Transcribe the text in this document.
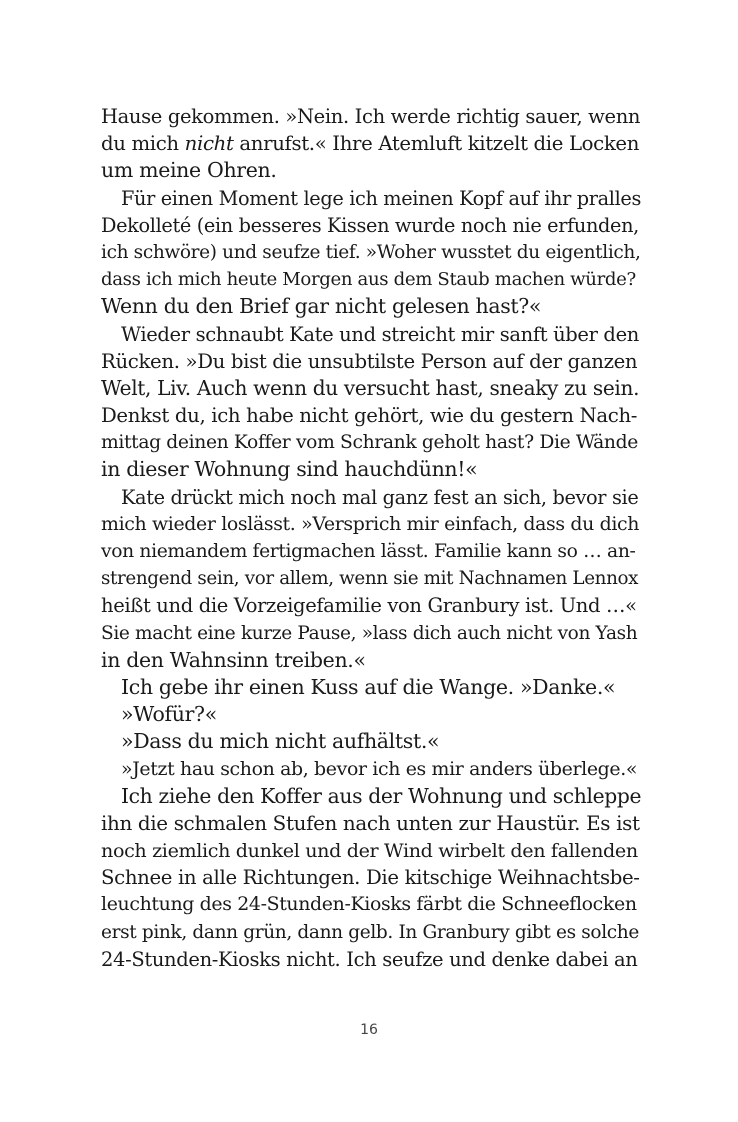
Hause gekommen. »Nein. Ich werde richtig sauer, wenn
du mich nicht anrufst.« Ihre Atemluft kitzelt die Locken
um meine Ohren.
Für einen Moment lege ich meinen Kopf auf ihr pralles
Dekolleté (ein besseres Kissen wurde noch nie erfunden,
ich schwöre) und seufze tief. »Woher wusstet du eigentlich,
dass ich mich heute Morgen aus dem Staub machen würde?
Wenn du den Brief gar nicht gelesen hast?«
Wieder schnaubt Kate und streicht mir sanft über den
Rücken. »Du bist die unsubtilste Person auf der ganzen
Welt, Liv. Auch wenn du versucht hast, sneaky zu sein.
Denkst du, ich habe nicht gehört, wie du gestern Nach-
mittag deinen Koffer vom Schrank geholt hast? Die Wände
in dieser Wohnung sind hauchdünn!«
Kate drückt mich noch mal ganz fest an sich, bevor sie
mich wieder loslässt. »Versprich mir einfach, dass du dich
von niemandem fertigmachen lässt. Familie kann so … an-
strengend sein, vor allem, wenn sie mit Nachnamen Lennox
heißt und die Vorzeigefamilie von Granbury ist. Und …«
Sie macht eine kurze Pause, »lass dich auch nicht von Yash
in den Wahnsinn treiben.«
Ich gebe ihr einen Kuss auf die Wange. »Danke.«
»Wofür?«
»Dass du mich nicht aufhältst.«
»Jetzt hau schon ab, bevor ich es mir anders überlege.«
Ich ziehe den Koffer aus der Wohnung und schleppe
ihn die schmalen Stufen nach unten zur Haustür. Es ist
noch ziemlich dunkel und der Wind wirbelt den fallenden
Schnee in alle Richtungen. Die kitschige Weihnachtsbe-
leuchtung des 24-Stunden-Kiosks färbt die Schneeflocken
erst pink, dann grün, dann gelb. In Granbury gibt es solche
24-Stunden-Kiosks nicht. Ich seufze und denke dabei an
16
